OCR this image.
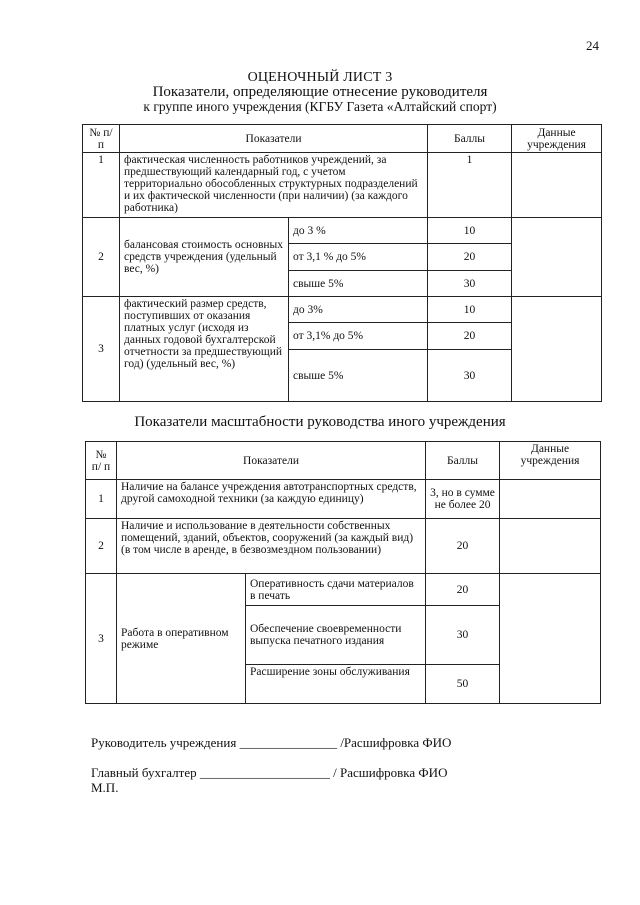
24
ОЦЕНОЧНЫЙ ЛИСТ 3
Показатели, определяющие отнесение руководителя
к группе иного учреждения (КГБУ Газета «Алтайский спорт)
№ п/п	Показатели		Баллы	Данные учреждения
1	фактическая численность работников учреждений, за предшествующий календарный год, с учетом территориально обособленных структурных подразделений и их фактической численности (при наличии) (за каждого работника)		1	
2	балансовая стоимость основных средств учреждения (удельный вес, %)	до 3 %	10	
		от 3,1 % до 5%	20	
		свыше 5%	30	
3	фактический размер средств, поступивших от оказания платных услуг (исходя из данных годовой бухгалтерской отчетности за предшествующий год) (удельный вес, %)	до 3%	10	
		от 3,1% до 5%	20	
		свыше 5%	30	
Показатели масштабности руководства иного учреждения
№ п/ п	Показатели		Баллы	Данные учреждения
1	Наличие на балансе учреждения автотранспортных средств, другой самоходной техники (за каждую единицу)		3, но в сумме не более 20	
2	Наличие и использование в деятельности собственных помещений, зданий, объектов, сооружений (за каждый вид) (в том числе в аренде, в безвозмездном пользовании)		20	
3	Работа в оперативном режиме	Оперативность сдачи материалов в печать	20	
		Обеспечение своевременности выпуска печатного издания	30	
		Расширение зоны обслуживания	50	
Руководитель учреждения _______________ /Расшифровка ФИО
Главный бухгалтер ____________________ / Расшифровка ФИО
М.П.
